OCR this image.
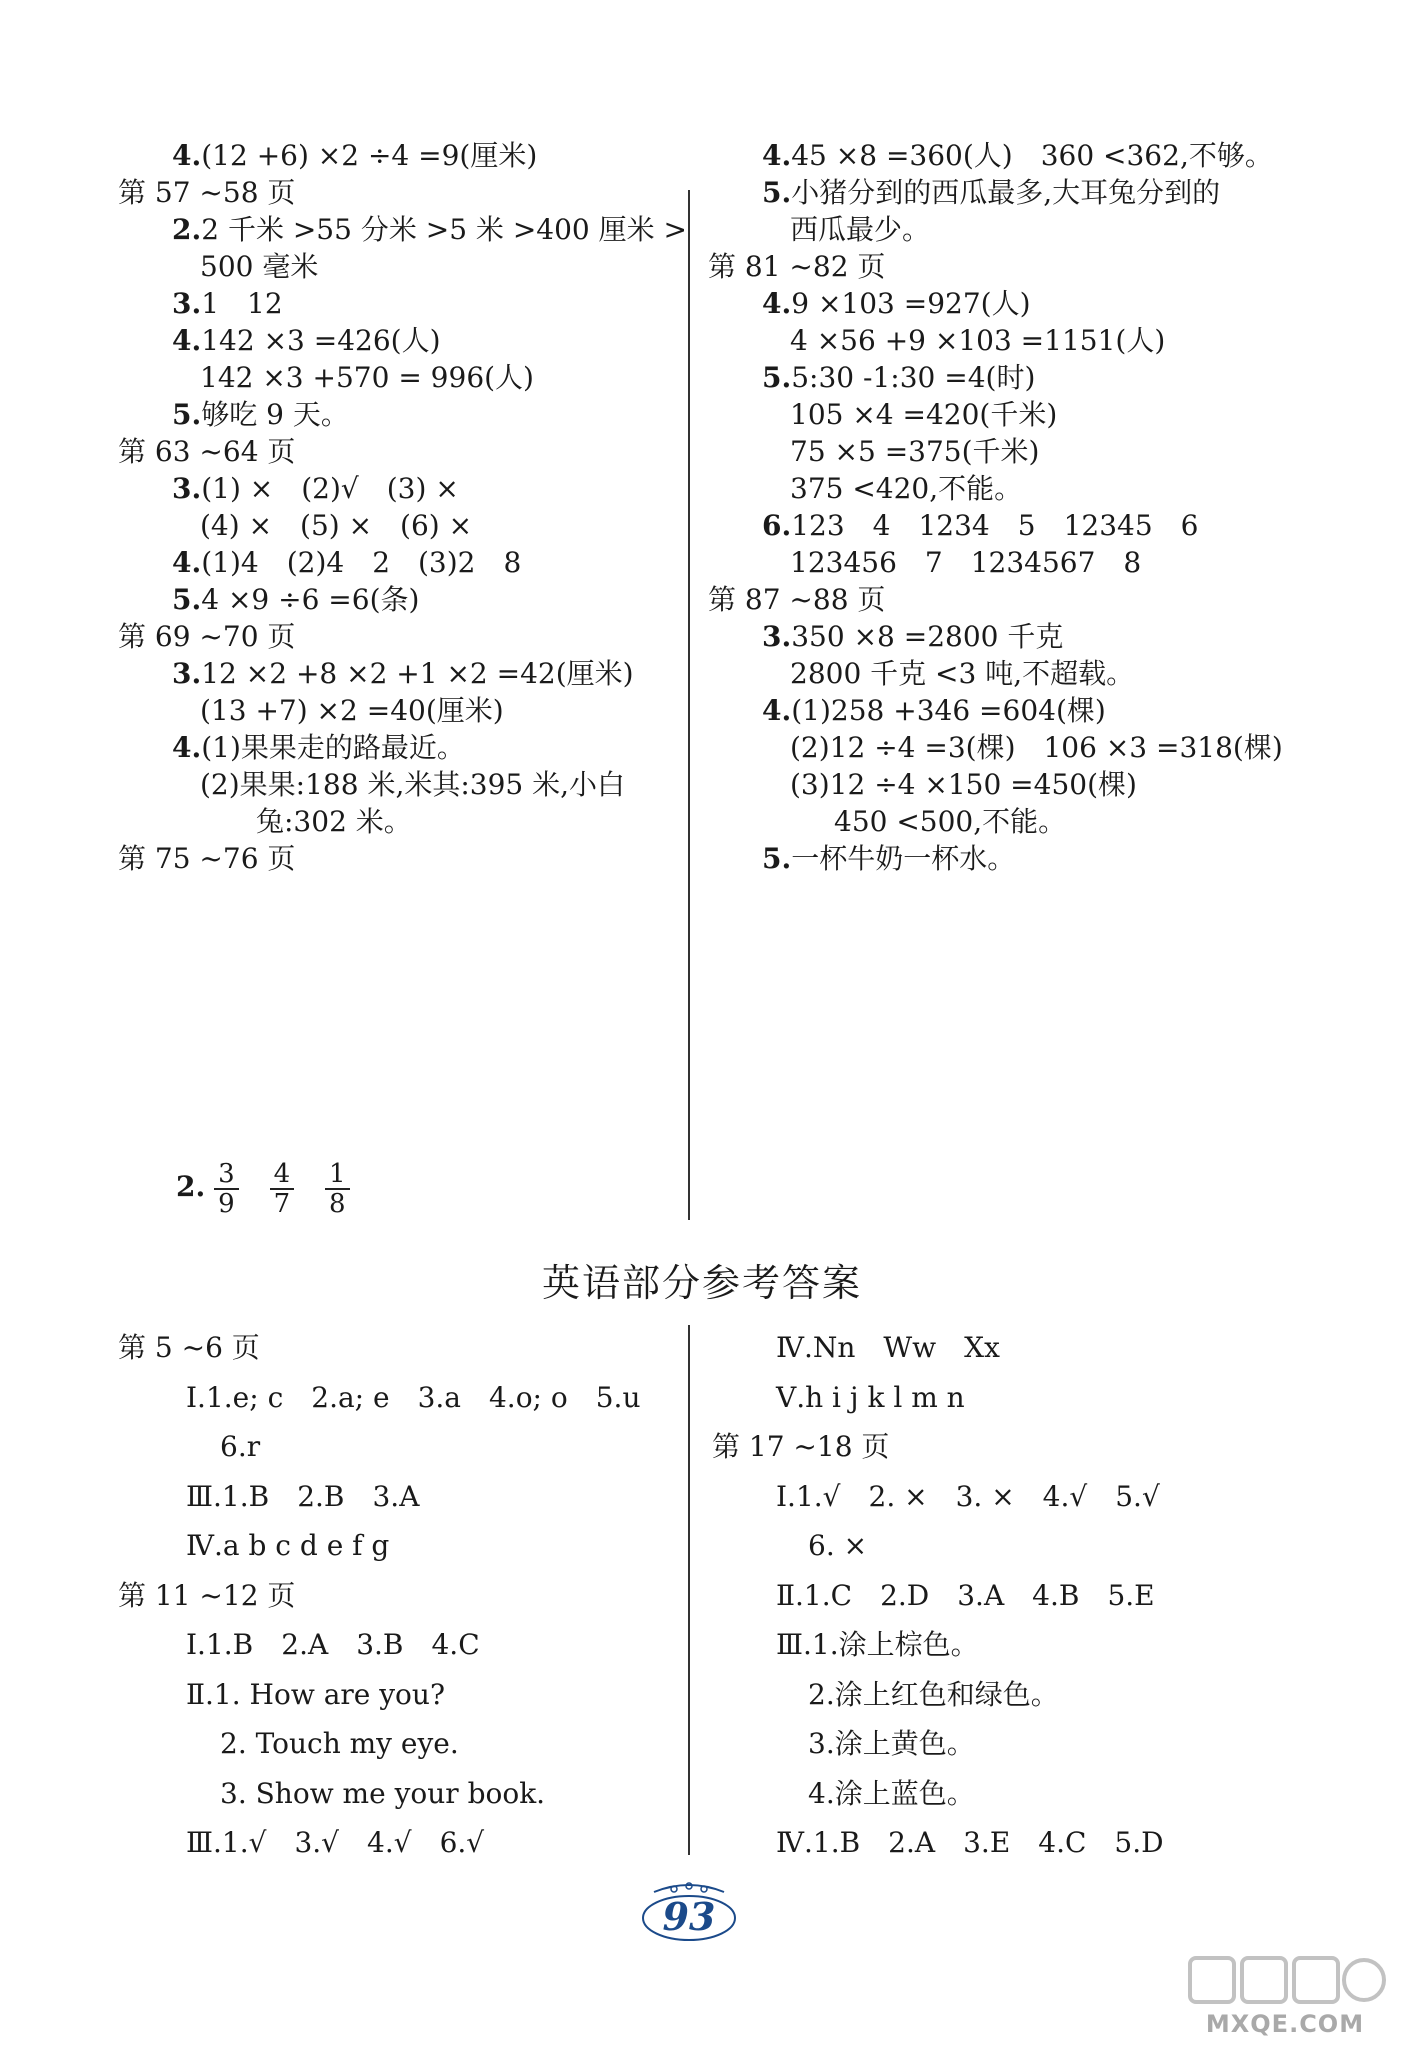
4.(12 +6) ×2 ÷4 =9(厘米)
第 57 ~58 页
2.2 千米 >55 分米 >5 米 >400 厘米 >
500 毫米
3.1　12
4.142 ×3 =426(人)
142 ×3 +570 = 996(人)
5.够吃 9 天。
第 63 ~64 页
3.(1) ×　(2)√　(3) ×
(4) ×　(5) ×　(6) ×
4.(1)4　(2)4　2　(3)2　8
5.4 ×9 ÷6 =6(条)
第 69 ~70 页
3.12 ×2 +8 ×2 +1 ×2 =42(厘米)
(13 +7) ×2 =40(厘米)
4.(1)果果走的路最近。
(2)果果:188 米,米其:395 米,小白
兔:302 米。
第 75 ~76 页
4.45 ×8 =360(人)　360 <362,不够。
5.小猪分到的西瓜最多,大耳兔分到的
西瓜最少。
第 81 ~82 页
4.9 ×103 =927(人)
4 ×56 +9 ×103 =1151(人)
5.5:30 -1:30 =4(时)
105 ×4 =420(千米)
75 ×5 =375(千米)
375 <420,不能。
6.123　4　1234　5　12345　6
123456　7　1234567　8
第 87 ~88 页
3.350 ×8 =2800 千克
2800 千克 <3 吨,不超载。
4.(1)258 +346 =604(棵)
(2)12 ÷4 =3(棵)　106 ×3 =318(棵)
(3)12 ÷4 ×150 =450(棵)
450 <500,不能。
5.一杯牛奶一杯水。
2. $\frac{3}{9}$
$\frac{4}{7}$
$\frac{1}{8}$
英语部分参考答案
第 5 ~6 页
Ⅰ.1.e; c　2.a; e　3.a　4.o; o　5.u
6.r
Ⅲ.1.B　2.B　3.A
Ⅳ.a b c d e f g
第 11 ~12 页
Ⅰ.1.B　2.A　3.B　4.C
Ⅱ.1. How are you?
2. Touch my eye.
3. Show me your book.
Ⅲ.1.√　3.√　4.√　6.√
Ⅳ.Nn　Ww　Xx
Ⅴ.h i j k l m n
第 17 ~18 页
Ⅰ.1.√　2. ×　3. ×　4.√　5.√
6. ×
Ⅱ.1.C　2.D　3.A　4.B　5.E
Ⅲ.1.涂上棕色。
2.涂上红色和绿色。
3.涂上黄色。
4.涂上蓝色。
Ⅳ.1.B　2.A　3.E　4.C　5.D
93
MXQE.COM
